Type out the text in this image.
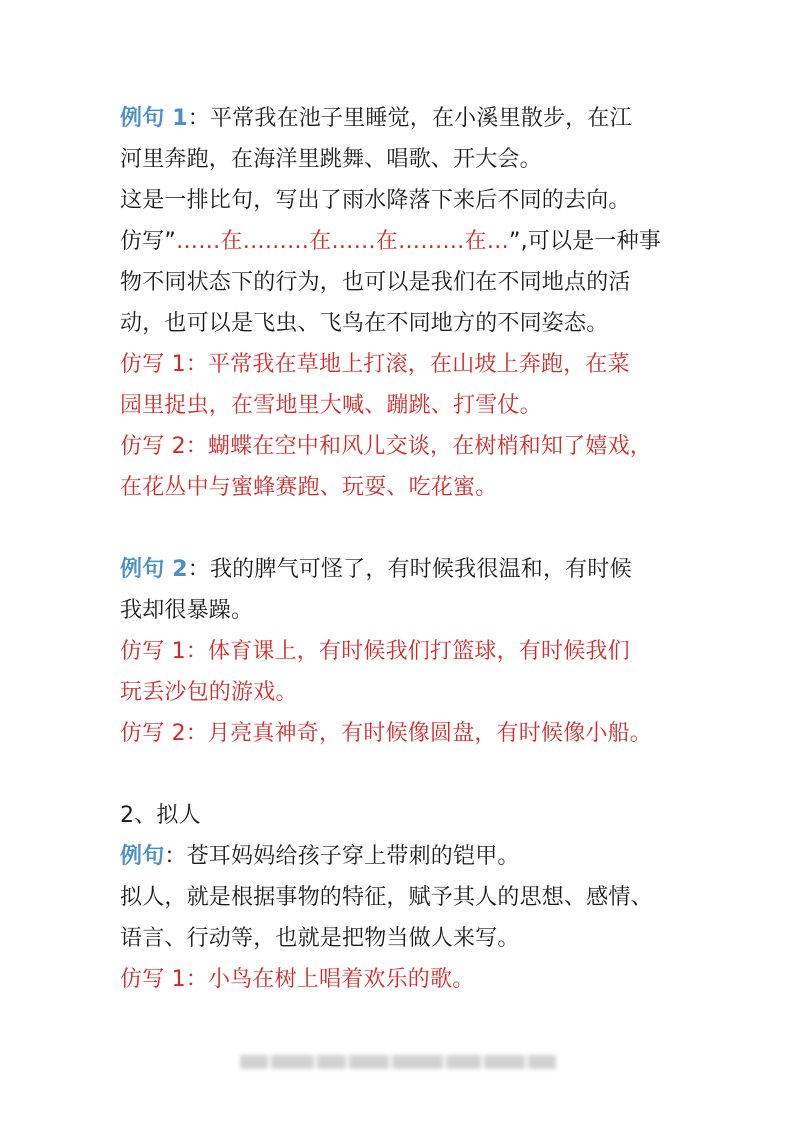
例句 1：平常我在池子里睡觉，在小溪里散步，在江
河里奔跑，在海洋里跳舞、唱歌、开大会。
这是一排比句，写出了雨水降落下来后不同的去向。
仿写”……在………在……在………在…”,可以是一种事
物不同状态下的行为，也可以是我们在不同地点的活
动，也可以是飞虫、飞鸟在不同地方的不同姿态。
仿写 1：平常我在草地上打滚，在山坡上奔跑，在菜
园里捉虫，在雪地里大喊、蹦跳、打雪仗。
仿写 2：蝴蝶在空中和风儿交谈，在树梢和知了嬉戏，
在花丛中与蜜蜂赛跑、玩耍、吃花蜜。
例句 2：我的脾气可怪了，有时候我很温和，有时候
我却很暴躁。
仿写 1：体育课上，有时候我们打篮球，有时候我们
玩丢沙包的游戏。
仿写 2：月亮真神奇，有时候像圆盘，有时候像小船。
2、拟人
例句：苍耳妈妈给孩子穿上带刺的铠甲。
拟人，就是根据事物的特征，赋予其人的思想、感情、
语言、行动等，也就是把物当做人来写。
仿写 1：小鸟在树上唱着欢乐的歌。
